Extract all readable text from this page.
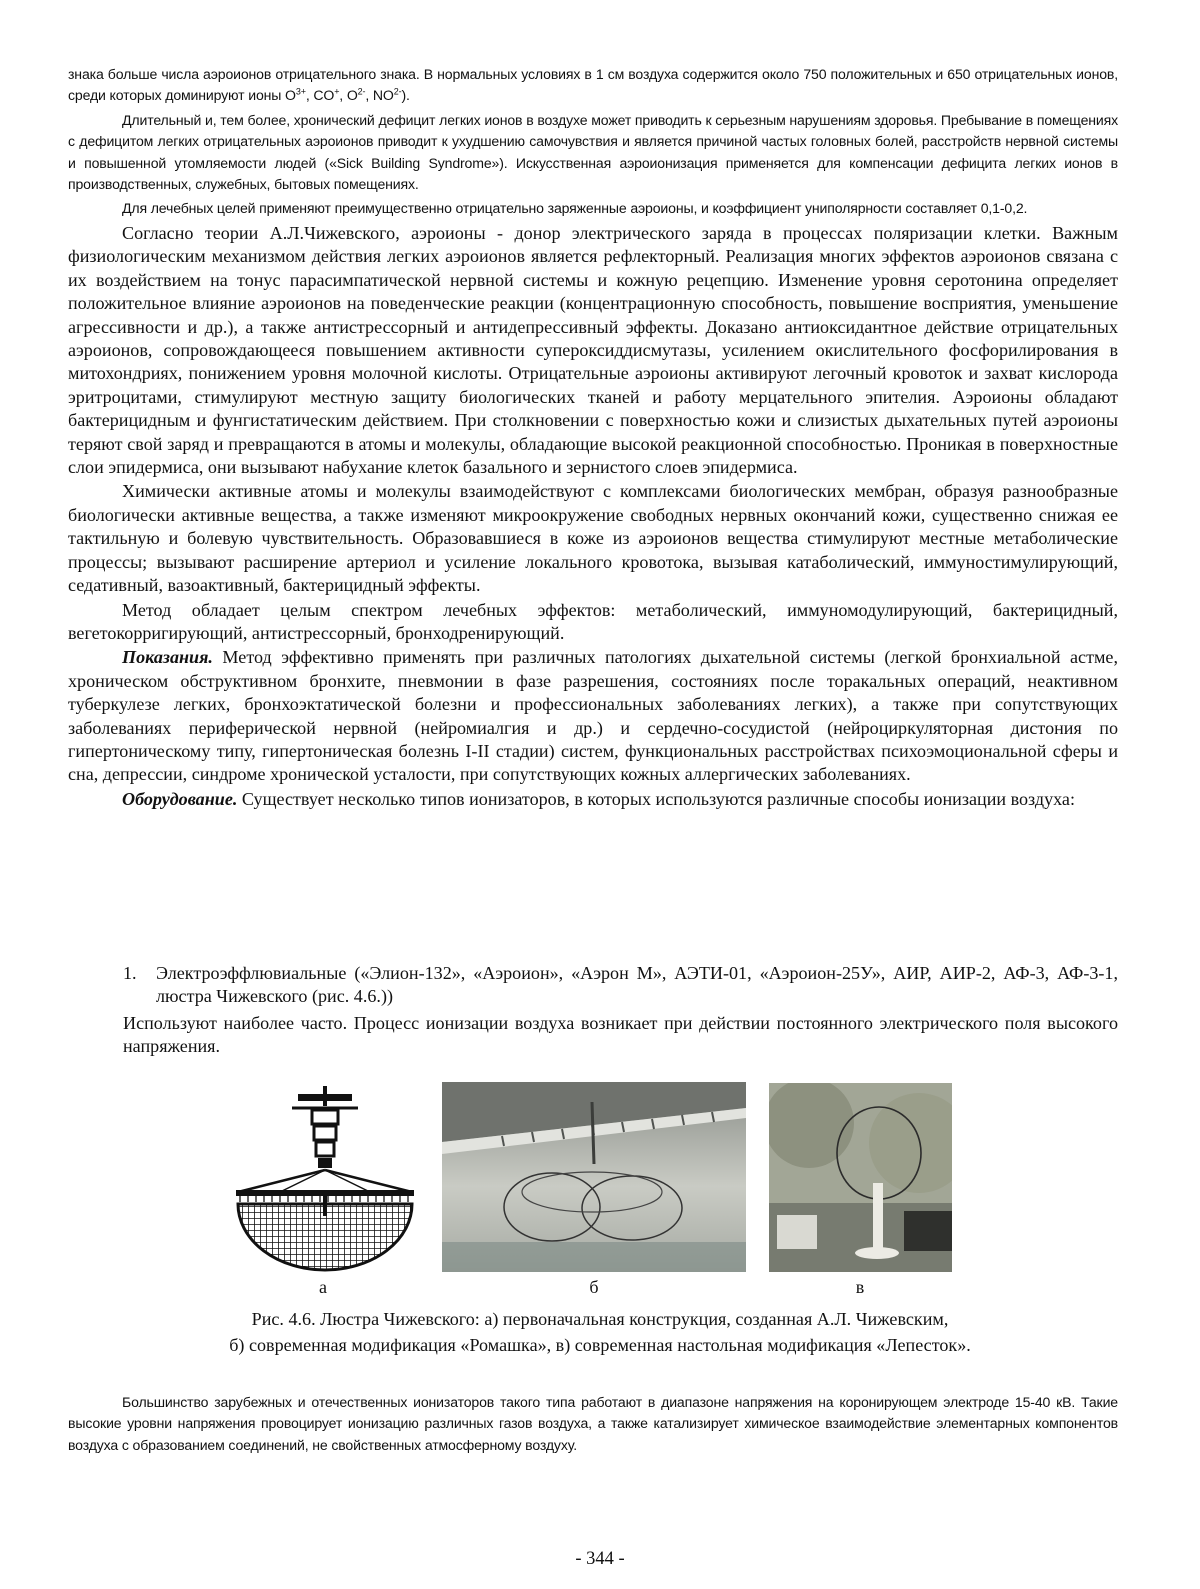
знака больше числа аэроионов отрицательного знака. В нормальных условиях в 1 см воздуха содержится около 750 положительных и 650 отрицательных ионов, среди которых доминируют ионы $O^{3+}$, CO+, $O^{2-}$, $NO^{2-}$).
Длительный и, тем более, хронический дефицит легких ионов в воздухе может приводить к серьезным нарушениям здоровья. Пребывание в помещениях с дефицитом легких отрицательных аэроионов приводит к ухудшению самочувствия и является причиной частых головных болей, расстройств нервной системы и повышенной утомляемости людей («Sick Building Syndrome»). Искусственная аэроионизация применяется для компенсации дефицита легких ионов в производственных, служебных, бытовых помещениях.
Для лечебных целей применяют преимущественно отрицательно заряженные аэроионы, и коэффициент униполярности составляет 0,1-0,2.

Согласно теории А.Л.Чижевского, аэроионы - донор электрического заряда в процессах поляризации клетки. Важным физиологическим механизмом действия легких аэроионов является рефлекторный. Реализация многих эффектов аэроионов связана с их воздействием на тонус парасимпатической нервной системы и кожную рецепцию. Изменение уровня серотонина определяет положительное влияние аэроионов на поведенческие реакции (концентрационную способность, повышение восприятия, уменьшение агрессивности и др.), а также антистрессорный и антидепрессивный эффекты. Доказано антиоксидантное действие отрицательных аэроионов, сопровождающееся повышением активности супероксиддисмутазы, усилением окислительного фосфорилирования в митохондриях, понижением уровня молочной кислоты. Отрицательные аэроионы активируют легочный кровоток и захват кислорода эритроцитами, стимулируют местную защиту биологических тканей и работу мерцательного эпителия. Аэроионы обладают бактерицидным и фунгистатическим действием. При столкновении с поверхностью кожи и слизистых дыхательных путей аэроионы теряют свой заряд и превращаются в атомы и молекулы, обладающие высокой реакционной способностью. Проникая в поверхностные слои эпидермиса, они вызывают набухание клеток базального и зернистого слоев эпидермиса.

Химически активные атомы и молекулы взаимодействуют с комплексами биологических мембран, образуя разнообразные биологически активные вещества, а также изменяют микроокружение свободных нервных окончаний кожи, существенно снижая ее тактильную и болевую чувствительность. Образовавшиеся в коже из аэроионов вещества стимулируют местные метаболические процессы; вызывают расширение артериол и усиление локального кровотока, вызывая катаболический, иммуностимулирующий, седативный, вазоактивный, бактерицидный эффекты.

Метод обладает целым спектром лечебных эффектов: метаболический, иммуномодулирующий, бактерицидный, вегетокорригирующий, антистрессорный, бронходренирующий.

Показания. Метод эффективно применять при различных патологиях дыхательной системы (легкой бронхиальной астме, хроническом обструктивном бронхите, пневмонии в фазе разрешения, состояниях после торакальных операций, неактивном туберкулезе легких, бронхоэктатической болезни и профессиональных заболеваниях легких), а также при сопутствующих заболеваниях периферической нервной (нейромиалгия и др.) и сердечно-сосудистой (нейроциркуляторная дистония по гипертоническому типу, гипертоническая болезнь I-II стадии) систем, функциональных расстройствах психоэмоциональной сферы и сна, депрессии, синдроме хронической усталости, при сопутствующих кожных аллергических заболеваниях.

Оборудование. Существует несколько типов ионизаторов, в которых используются различные способы ионизации воздуха:

1. Электроэффлювиальные («Элион-132», «Аэроион», «Аэрон М», АЭТИ-01, «Аэроион-25У», АИР, АИР-2, АФ-3, АФ-3-1, люстра Чижевского (рис. 4.6.))
Используют наиболее часто. Процесс ионизации воздуха возникает при действии постоянного электрического поля высокого напряжения.
а	б	в
Рис. 4.6. Люстра Чижевского: а) первоначальная конструкция, созданная А.Л. Чижевским,
б) современная модификация «Ромашка», в) современная настольная модификация «Лепесток».
Большинство зарубежных и отечественных ионизаторов такого типа работают в диапазоне напряжения на коронирующем электроде 15-40 кВ. Такие высокие уровни напряжения провоцирует ионизацию различных газов воздуха, а также катализирует химическое взаимодействие элементарных компонентов воздуха с образованием соединений, не свойственных атмосферному воздуху.
- 344 -
